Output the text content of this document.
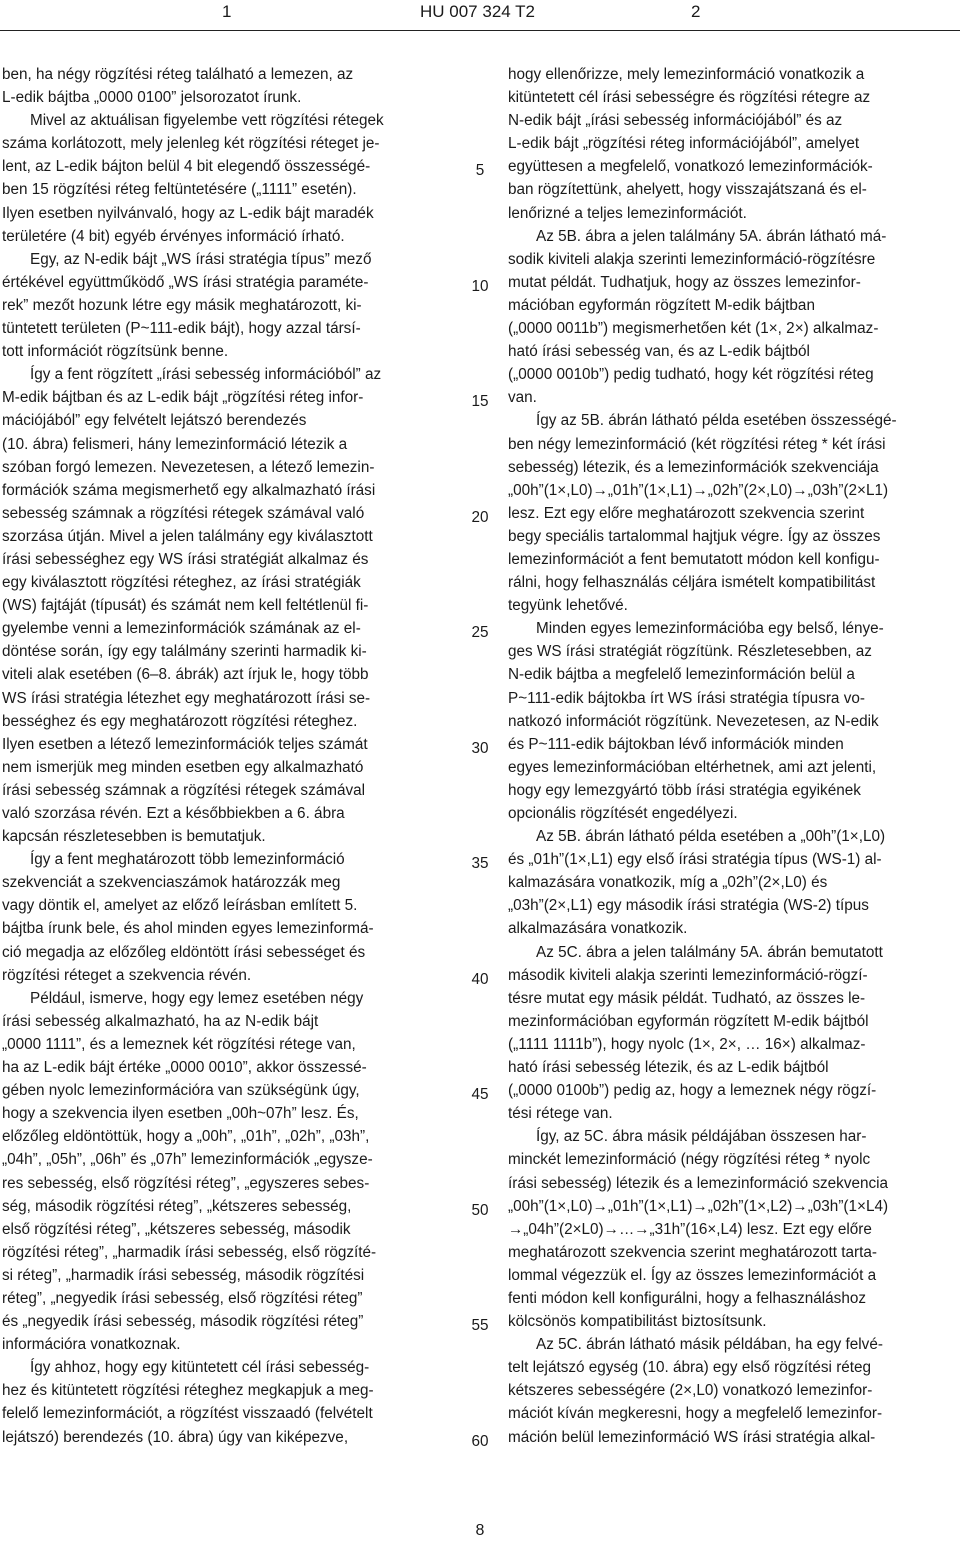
1	HU 007 324 T2	2

ben, ha négy rögzítési réteg található a lemezen, az
L-edik bájtba „0000 0100” jelsorozatot írunk.

Mivel az aktuálisan figyelembe vett rögzítési rétegek
száma korlátozott, mely jelenleg két rögzítési réteget je-
lent, az L-edik bájton belül 4 bit elegendő összességé-
ben 15 rögzítési réteg feltüntetésére („1111” esetén).
Ilyen esetben nyilvánvaló, hogy az L-edik bájt maradék
területére (4 bit) egyéb érvényes információ írható.

Egy, az N-edik bájt „WS írási stratégia típus” mező
értékével együttműködő „WS írási stratégia paraméte-
rek” mezőt hozunk létre egy másik meghatározott, ki-
tüntetett területen (P~111-edik bájt), hogy azzal társí-
tott információt rögzítsünk benne.

Így a fent rögzített „írási sebesség információból” az
M-edik bájtban és az L-edik bájt „rögzítési réteg infor-
mációjából” egy felvételt lejátszó berendezés
(10. ábra) felismeri, hány lemezinformáció létezik a
szóban forgó lemezen. Nevezetesen, a létező lemezin-
formációk száma megismerhető egy alkalmazható írási
sebesség számnak a rögzítési rétegek számával való
szorzása útján. Mivel a jelen találmány egy kiválasztott
írási sebességhez egy WS írási stratégiát alkalmaz és
egy kiválasztott rögzítési réteghez, az írási stratégiák
(WS) fajtáját (típusát) és számát nem kell feltétlenül fi-
gyelembe venni a lemezinformációk számának az el-
döntése során, így egy találmány szerinti harmadik ki-
viteli alak esetében (6–8. ábrák) azt írjuk le, hogy több
WS írási stratégia létezhet egy meghatározott írási se-
bességhez és egy meghatározott rögzítési réteghez.
Ilyen esetben a létező lemezinformációk teljes számát
nem ismerjük meg minden esetben egy alkalmazható
írási sebesség számnak a rögzítési rétegek számával
való szorzása révén. Ezt a későbbiekben a 6. ábra
kapcsán részletesebben is bemutatjuk.

Így a fent meghatározott több lemezinformáció
szekvenciát a szekvenciaszámok határozzák meg
vagy döntik el, amelyet az előző leírásban említett 5.
bájtba írunk bele, és ahol minden egyes lemezinformá-
ció megadja az előzőleg eldöntött írási sebességet és
rögzítési réteget a szekvencia révén.

Például, ismerve, hogy egy lemez esetében négy
írási sebesség alkalmazható, ha az N-edik bájt
„0000 1111”, és a lemeznek két rögzítési rétege van,
ha az L-edik bájt értéke „0000 0010”, akkor összessé-
gében nyolc lemezinformációra van szükségünk úgy,
hogy a szekvencia ilyen esetben „00h~07h” lesz. És,
előzőleg eldöntöttük, hogy a „00h”, „01h”, „02h”, „03h”,
„04h”, „05h”, „06h” és „07h” lemezinformációk „egysze-
res sebesség, első rögzítési réteg”, „egyszeres sebes-
ség, második rögzítési réteg”, „kétszeres sebesség,
első rögzítési réteg”, „kétszeres sebesség, második
rögzítési réteg”, „harmadik írási sebesség, első rögzíté-
si réteg”, „harmadik írási sebesség, második rögzítési
réteg”, „negyedik írási sebesség, első rögzítési réteg”
és „negyedik írási sebesség, második rögzítési réteg”
információra vonatkoznak.

Így ahhoz, hogy egy kitüntetett cél írási sebesség-
hez és kitüntetett rögzítési réteghez megkapjuk a meg-
felelő lemezinformációt, a rögzítést visszaadó (felvételt
lejátszó) berendezés (10. ábra) úgy van kiképezve,

5
10
15
20
25
30
35
40
45
50
55
60

hogy ellenőrizze, mely lemezinformáció vonatkozik a
kitüntetett cél írási sebességre és rögzítési rétegre az
N-edik bájt „írási sebesség információjából” és az
L-edik bájt „rögzítési réteg információjából”, amelyet
együttesen a megfelelő, vonatkozó lemezinformációk-
ban rögzítettünk, ahelyett, hogy visszajátszaná és el-
lenőrizné a teljes lemezinformációt.

Az 5B. ábra a jelen találmány 5A. ábrán látható má-
sodik kiviteli alakja szerinti lemezinformáció-rögzítésre
mutat példát. Tudhatjuk, hogy az összes lemezinfor-
mációban egyformán rögzített M-edik bájtban
(„0000 0011b”) megismerhetően két (1×, 2×) alkalmaz-
ható írási sebesség van, és az L-edik bájtból
(„0000 0010b”) pedig tudható, hogy két rögzítési réteg
van.

Így az 5B. ábrán látható példa esetében összességé-
ben négy lemezinformáció (két rögzítési réteg * két írási
sebesség) létezik, és a lemezinformációk szekvenciája
„00h”(1×,L0)→„01h”(1×,L1)→„02h”(2×,L0)→„03h”(2×L1)
lesz. Ezt egy előre meghatározott szekvencia szerint
begy speciális tartalommal hajtjuk végre. Így az összes
lemezinformációt a fent bemutatott módon kell konfigu-
rálni, hogy felhasználás céljára ismételt kompatibilitást
tegyünk lehetővé.

Minden egyes lemezinformációba egy belső, lénye-
ges WS írási stratégiát rögzítünk. Részletesebben, az
N-edik bájtba a megfelelő lemezinformáción belül a
P~111-edik bájtokba írt WS írási stratégia típusra vo-
natkozó információt rögzítünk. Nevezetesen, az N-edik
és P~111-edik bájtokban lévő információk minden
egyes lemezinformációban eltérhetnek, ami azt jelenti,
hogy egy lemezgyártó több írási stratégia egyikének
opcionális rögzítését engedélyezi.

Az 5B. ábrán látható példa esetében a „00h”(1×,L0)
és „01h”(1×,L1) egy első írási stratégia típus (WS-1) al-
kalmazására vonatkozik, míg a „02h”(2×,L0) és
„03h”(2×,L1) egy második írási stratégia (WS-2) típus
alkalmazására vonatkozik.

Az 5C. ábra a jelen találmány 5A. ábrán bemutatott
második kiviteli alakja szerinti lemezinformáció-rögzí-
tésre mutat egy másik példát. Tudható, az összes le-
mezinformációban egyformán rögzített M-edik bájtból
(„1111 1111b”), hogy nyolc (1×, 2×, … 16×) alkalmaz-
ható írási sebesség létezik, és az L-edik bájtból
(„0000 0100b”) pedig az, hogy a lemeznek négy rögzí-
tési rétege van.

Így, az 5C. ábra másik példájában összesen har-
minckét lemezinformáció (négy rögzítési réteg * nyolc
írási sebesség) létezik és a lemezinformáció szekvencia
„00h”(1×,L0)→„01h”(1×,L1)→„02h”(1×,L2)→„03h”(1×L4)
→„04h”(2×L0)→…→„31h”(16×,L4) lesz. Ezt egy előre
meghatározott szekvencia szerint meghatározott tarta-
lommal végezzük el. Így az összes lemezinformációt a
fenti módon kell konfigurálni, hogy a felhasználáshoz
kölcsönös kompatibilitást biztosítsunk.

Az 5C. ábrán látható másik példában, ha egy felvé-
telt lejátszó egység (10. ábra) egy első rögzítési réteg
kétszeres sebességére (2×,L0) vonatkozó lemezinfor-
mációt kíván megkeresni, hogy a megfelelő lemezinfor-
máción belül lemezinformáció WS írási stratégia alkal-

8
